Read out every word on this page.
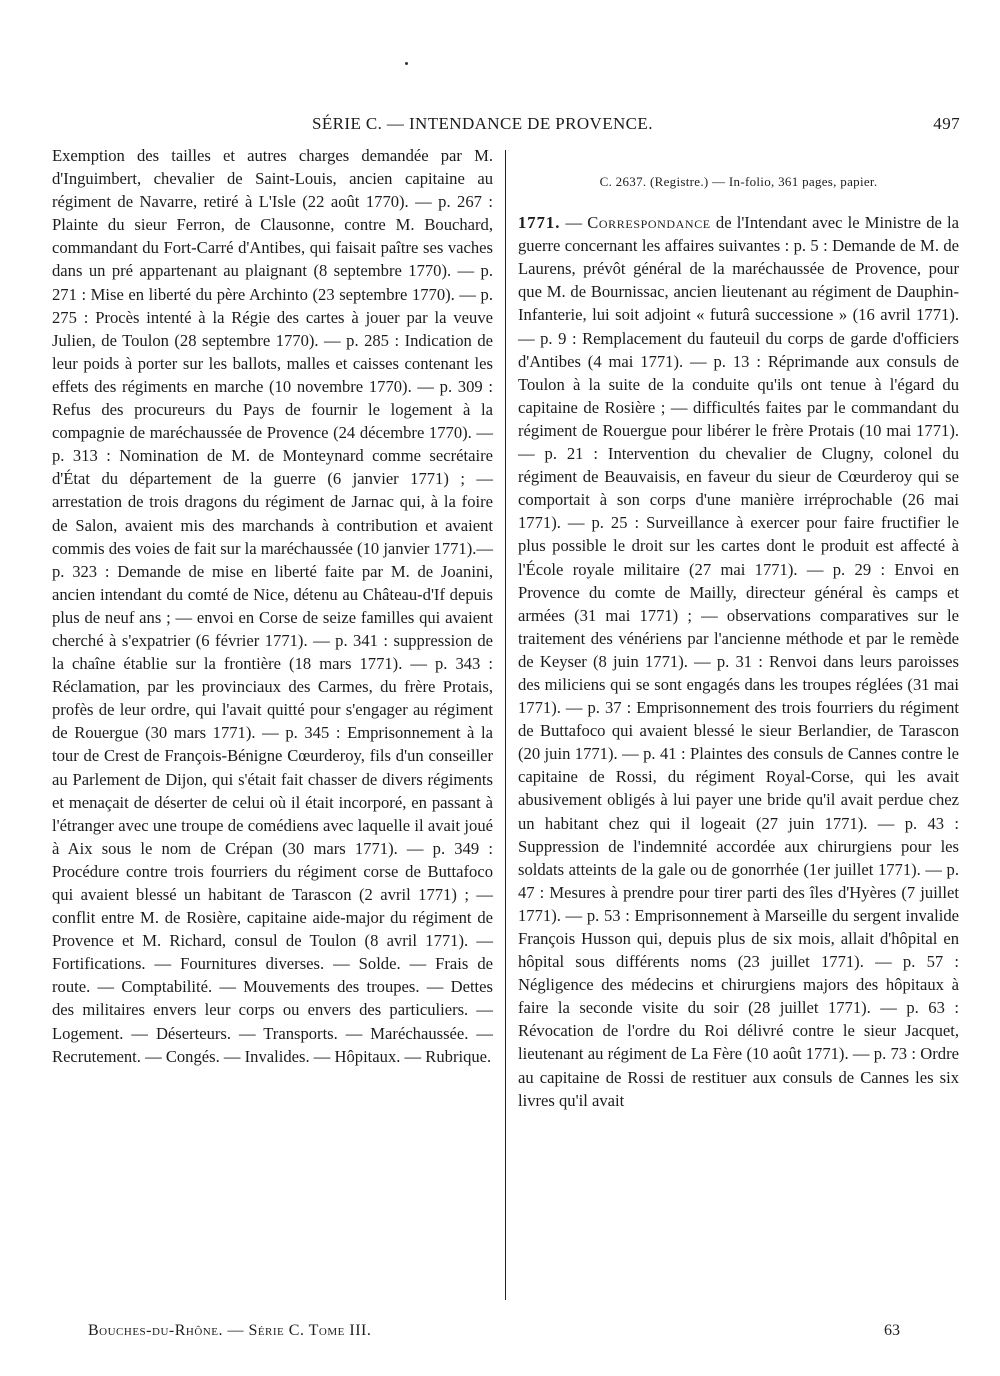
SÉRIE C. — INTENDANCE DE PROVENCE.	497

Exemption des tailles et autres charges demandée par M. d'Inguimbert, chevalier de Saint-Louis, ancien capitaine au régiment de Navarre, retiré à L'Isle (22 août 1770). — p. 267 : Plainte du sieur Ferron, de Clausonne, contre M. Bouchard, commandant du Fort-Carré d'Antibes, qui faisait paître ses vaches dans un pré appartenant au plaignant (8 septembre 1770). — p. 271 : Mise en liberté du père Archinto (23 septembre 1770). — p. 275 : Procès intenté à la Régie des cartes à jouer par la veuve Julien, de Toulon (28 septembre 1770). — p. 285 : Indication de leur poids à porter sur les ballots, malles et caisses contenant les effets des régiments en marche (10 novembre 1770). — p. 309 : Refus des procureurs du Pays de fournir le logement à la compagnie de maréchaussée de Provence (24 décembre 1770). — p. 313 : Nomination de M. de Monteynard comme secrétaire d'État du département de la guerre (6 janvier 1771) ; — arrestation de trois dragons du régiment de Jarnac qui, à la foire de Salon, avaient mis des marchands à contribution et avaient commis des voies de fait sur la maréchaussée (10 janvier 1771).— p. 323 : Demande de mise en liberté faite par M. de Joanini, ancien intendant du comté de Nice, détenu au Château-d'If depuis plus de neuf ans ; — envoi en Corse de seize familles qui avaient cherché à s'expatrier (6 février 1771). — p. 341 : suppression de la chaîne établie sur la frontière (18 mars 1771). — p. 343 : Réclamation, par les provinciaux des Carmes, du frère Protais, profès de leur ordre, qui l'avait quitté pour s'engager au régiment de Rouergue (30 mars 1771). — p. 345 : Emprisonnement à la tour de Crest de François-Bénigne Cœurderoy, fils d'un conseiller au Parlement de Dijon, qui s'était fait chasser de divers régiments et menaçait de déserter de celui où il était incorporé, en passant à l'étranger avec une troupe de comédiens avec laquelle il avait joué à Aix sous le nom de Crépan (30 mars 1771). — p. 349 : Procédure contre trois fourriers du régiment corse de Buttafoco qui avaient blessé un habitant de Tarascon (2 avril 1771) ; — conflit entre M. de Rosière, capitaine aide-major du régiment de Provence et M. Richard, consul de Toulon (8 avril 1771). — Fortifications. — Fournitures diverses. — Solde. — Frais de route. — Comptabilité. — Mouvements des troupes. — Dettes des militaires envers leur corps ou envers des particuliers. — Logement. — Déserteurs. — Transports. — Maréchaussée. — Recrutement. — Congés. — Invalides. — Hôpitaux. — Rubrique.

C. 2637. (Registre.) — In-folio, 361 pages, papier.

1771. — Correspondance de l'Intendant avec le Ministre de la guerre concernant les affaires suivantes : p. 5 : Demande de M. de Laurens, prévôt général de la maréchaussée de Provence, pour que M. de Bournissac, ancien lieutenant au régiment de Dauphin-Infanterie, lui soit adjoint « futurâ successione » (16 avril 1771). — p. 9 : Remplacement du fauteuil du corps de garde d'officiers d'Antibes (4 mai 1771). — p. 13 : Réprimande aux consuls de Toulon à la suite de la conduite qu'ils ont tenue à l'égard du capitaine de Rosière ; — difficultés faites par le commandant du régiment de Rouergue pour libérer le frère Protais (10 mai 1771). — p. 21 : Intervention du chevalier de Clugny, colonel du régiment de Beauvaisis, en faveur du sieur de Cœurderoy qui se comportait à son corps d'une manière irréprochable (26 mai 1771). — p. 25 : Surveillance à exercer pour faire fructifier le plus possible le droit sur les cartes dont le produit est affecté à l'École royale militaire (27 mai 1771). — p. 29 : Envoi en Provence du comte de Mailly, directeur général ès camps et armées (31 mai 1771) ; — observations comparatives sur le traitement des vénériens par l'ancienne méthode et par le remède de Keyser (8 juin 1771). — p. 31 : Renvoi dans leurs paroisses des miliciens qui se sont engagés dans les troupes réglées (31 mai 1771). — p. 37 : Emprisonnement des trois fourriers du régiment de Buttafoco qui avaient blessé le sieur Berlandier, de Tarascon (20 juin 1771). — p. 41 : Plaintes des consuls de Cannes contre le capitaine de Rossi, du régiment Royal-Corse, qui les avait abusivement obligés à lui payer une bride qu'il avait perdue chez un habitant chez qui il logeait (27 juin 1771). — p. 43 : Suppression de l'indemnité accordée aux chirurgiens pour les soldats atteints de la gale ou de gonorrhée (1er juillet 1771). — p. 47 : Mesures à prendre pour tirer parti des îles d'Hyères (7 juillet 1771). — p. 53 : Emprisonnement à Marseille du sergent invalide François Husson qui, depuis plus de six mois, allait d'hôpital en hôpital sous différents noms (23 juillet 1771). — p. 57 : Négligence des médecins et chirurgiens majors des hôpitaux à faire la seconde visite du soir (28 juillet 1771). — p. 63 : Révocation de l'ordre du Roi délivré contre le sieur Jacquet, lieutenant au régiment de La Fère (10 août 1771). — p. 73 : Ordre au capitaine de Rossi de restituer aux consuls de Cannes les six livres qu'il avait

Bouches-du-Rhône. — Série C. Tome III.	63
